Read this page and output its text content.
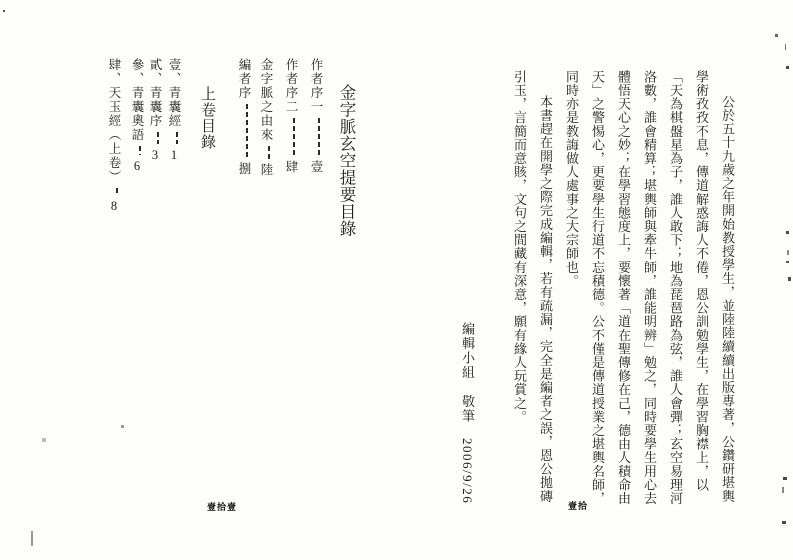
公於五十九歲之年開始教授學生，並陸陸續續出版專著，公鑽研堪輿學術孜孜不息，傳道解惑誨人不倦，恩公訓勉學生，在學習胸襟上，以「天為棋盤星為子，誰人敢下；地為琵琶路為弦，誰人會彈；玄空易理河洛數，誰會精算；堪輿師與牽牛師，誰能明辨」勉之，同時要學生用心去體悟天心之妙；在學習態度上，要懷著「道在聖傳修在己，德由人積命由天」之警惕心，更要學生行道不忘積德。公不僅是傳道授業之堪輿名師，同時亦是教誨做人處事之大宗師也。

本書趕在開學之際完成編輯，若有疏漏，完全是編者之誤，恩公拋磚引玉，言簡而意賅，文句之間藏有深意，願有緣人玩賞之。

編輯小組　敬筆　2006/9/26
壹拾
金字脈玄空提要目錄
作者序一壹
作者序二肆
金字脈之由來陸
編者序捌
上卷目錄
壹、青囊經1
貳、青囊序3
參、青囊奧語6
肆、天玉經（上卷）8
壹拾壹
